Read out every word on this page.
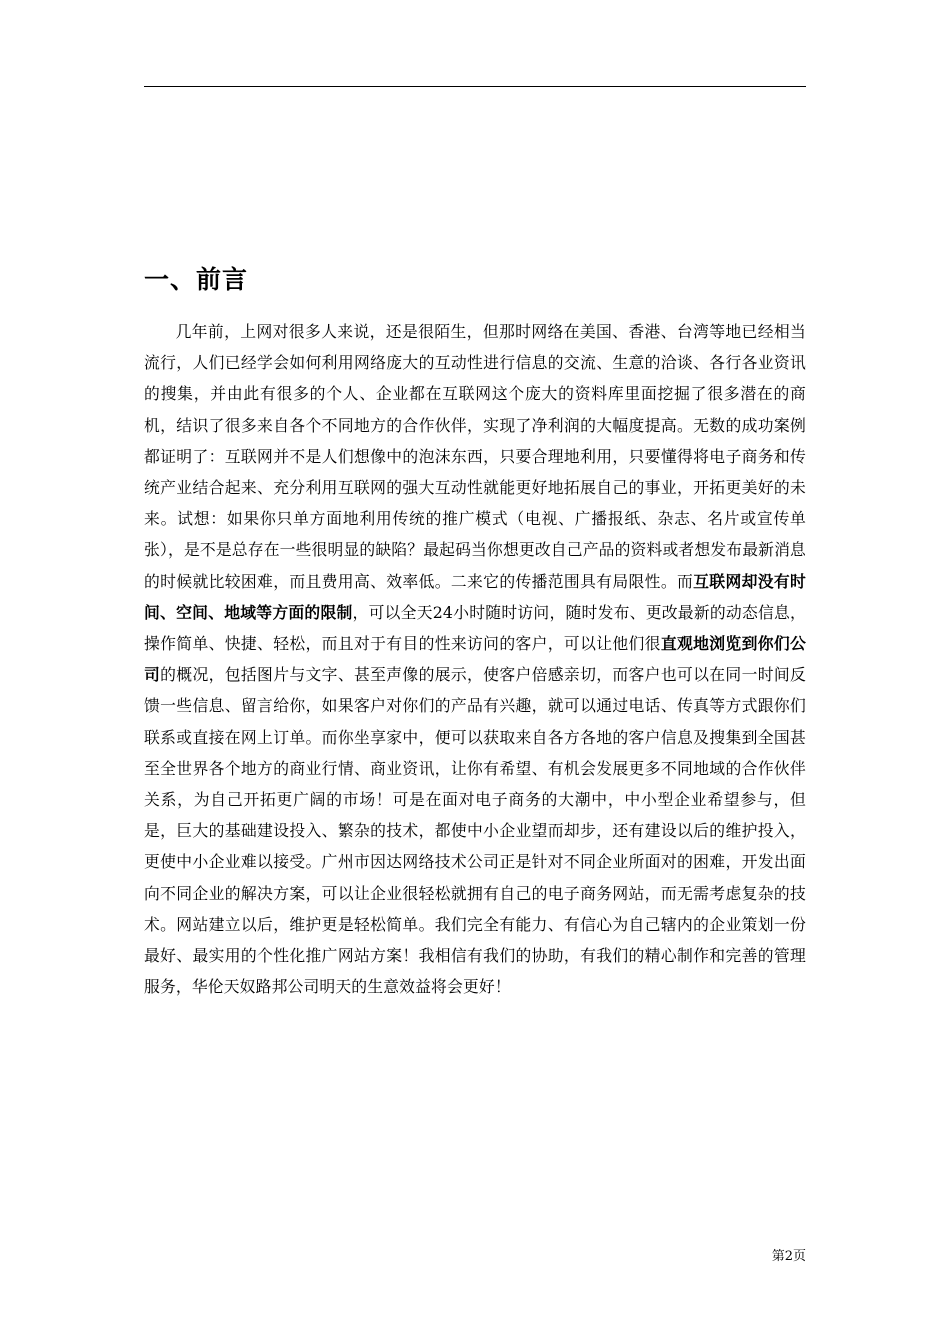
一、前言

几年前，上网对很多人来说，还是很陌生，但那时网络在美国、香港、台湾等地已经相当流行，人们已经学会如何利用网络庞大的互动性进行信息的交流、生意的洽谈、各行各业资讯的搜集，并由此有很多的个人、企业都在互联网这个庞大的资料库里面挖掘了很多潜在的商机，结识了很多来自各个不同地方的合作伙伴，实现了净利润的大幅度提高。无数的成功案例都证明了：互联网并不是人们想像中的泡沫东西，只要合理地利用，只要懂得将电子商务和传统产业结合起来、充分利用互联网的强大互动性就能更好地拓展自己的事业，开拓更美好的未来。试想：如果你只单方面地利用传统的推广模式（电视、广播报纸、杂志、名片或宣传单张），是不是总存在一些很明显的缺陷？最起码当你想更改自己产品的资料或者想发布最新消息的时候就比较困难，而且费用高、效率低。二来它的传播范围具有局限性。而互联网却没有时间、空间、地域等方面的限制，可以全天24小时随时访问，随时发布、更改最新的动态信息，操作简单、快捷、轻松，而且对于有目的性来访问的客户，可以让他们很直观地浏览到你们公司的概况，包括图片与文字、甚至声像的展示，使客户倍感亲切，而客户也可以在同一时间反馈一些信息、留言给你，如果客户对你们的产品有兴趣，就可以通过电话、传真等方式跟你们联系或直接在网上订单。而你坐享家中，便可以获取来自各方各地的客户信息及搜集到全国甚至全世界各个地方的商业行情、商业资讯，让你有希望、有机会发展更多不同地域的合作伙伴关系，为自己开拓更广阔的市场！可是在面对电子商务的大潮中，中小型企业希望参与，但是，巨大的基础建设投入、繁杂的技术，都使中小企业望而却步，还有建设以后的维护投入，更使中小企业难以接受。广州市因达网络技术公司正是针对不同企业所面对的困难，开发出面向不同企业的解决方案，可以让企业很轻松就拥有自己的电子商务网站，而无需考虑复杂的技术。网站建立以后，维护更是轻松简单。我们完全有能力、有信心为自己辖内的企业策划一份最好、最实用的个性化推广网站方案！我相信有我们的协助，有我们的精心制作和完善的管理服务，华伦天奴路邦公司明天的生意效益将会更好！

第2页
